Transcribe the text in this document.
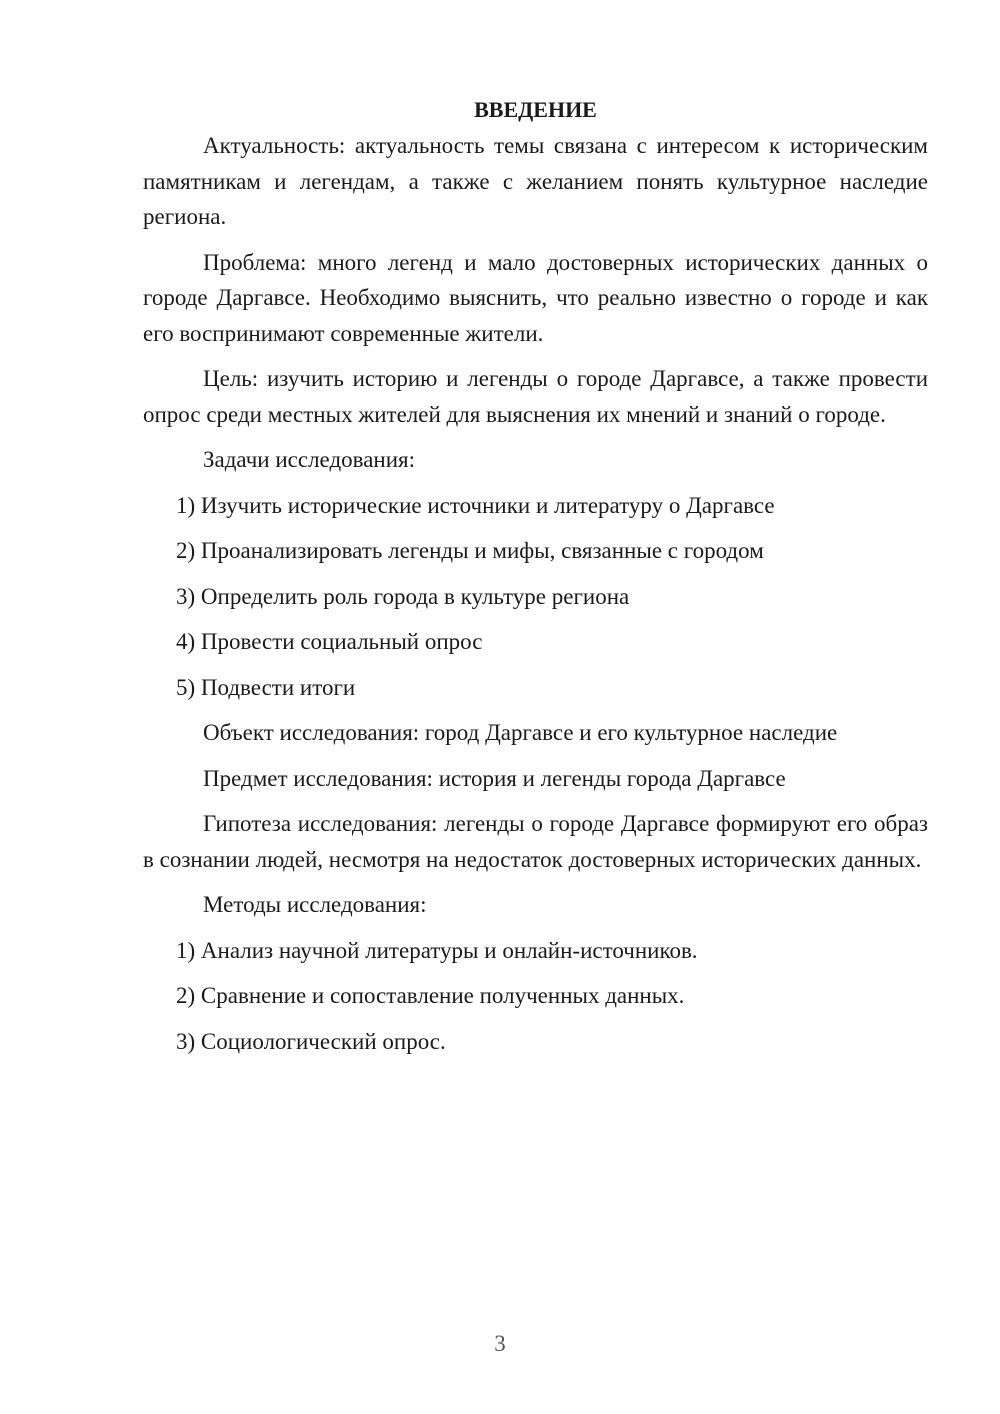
ВВЕДЕНИЕ

Актуальность: актуальность темы связана с интересом к историческим памятникам и легендам, а также с желанием понять культурное наследие региона.

Проблема: много легенд и мало достоверных исторических данных о городе Даргавсе. Необходимо выяснить, что реально известно о городе и как его воспринимают современные жители.

Цель: изучить историю и легенды о городе Даргавсе, а также провести опрос среди местных жителей для выяснения их мнений и знаний о городе.

Задачи исследования:

1) Изучить исторические источники и литературу о Даргавсе
2) Проанализировать легенды и мифы, связанные с городом
3) Определить роль города в культуре региона
4) Провести социальный опрос
5) Подвести итоги

Объект исследования: город Даргавсе и его культурное наследие

Предмет исследования: история и легенды города Даргавсе

Гипотеза исследования: легенды о городе Даргавсе формируют его образ в сознании людей, несмотря на недостаток достоверных исторических данных.

Методы исследования:

1) Анализ научной литературы и онлайн-источников.
2) Сравнение и сопоставление полученных данных.
3) Социологический опрос.
3
